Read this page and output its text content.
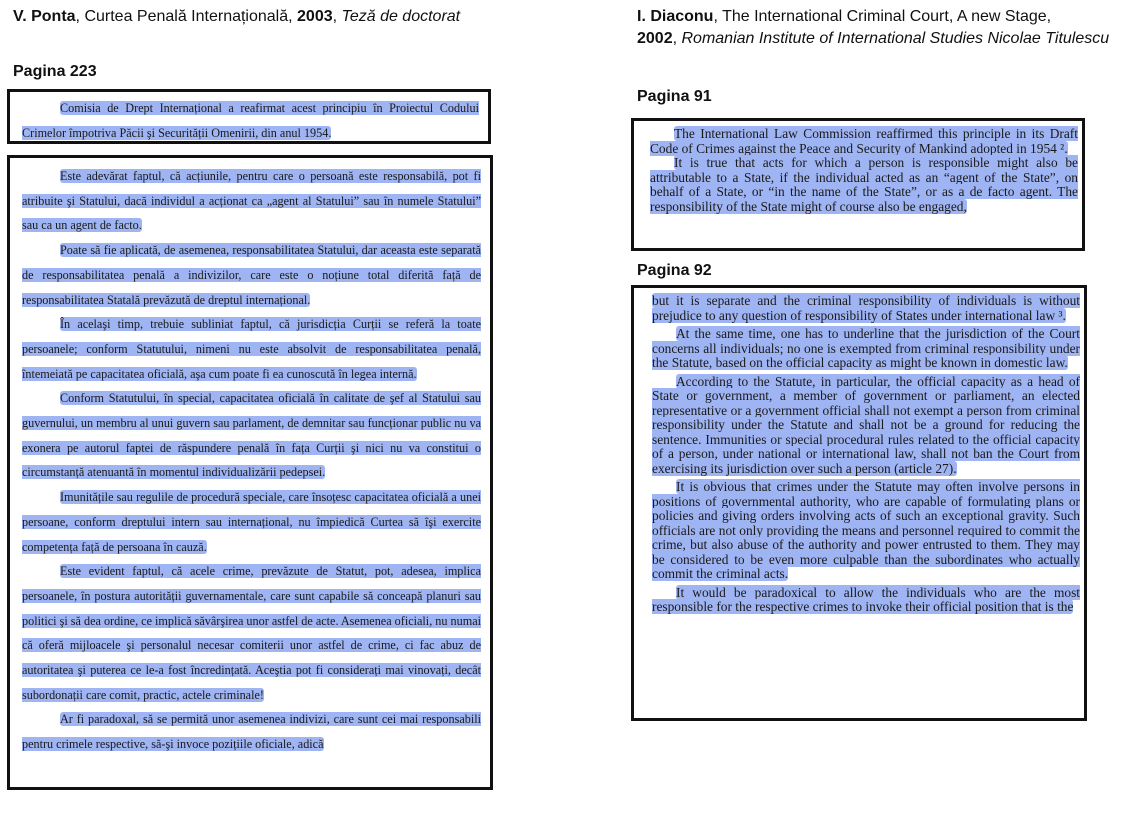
V. Ponta, Curtea Penală Internațională, 2003, Teză de doctorat
Pagina 223

Comisia de Drept Internațional a reafirmat acest principiu în Proiectul Codului Crimelor împotriva Păcii şi Securității Omenirii, din anul 1954.

Este adevărat faptul, că acțiunile, pentru care o persoană este responsabilă, pot fi atribuite şi Statului, dacă individul a acționat ca „agent al Statului” sau în numele Statului” sau ca un agent de facto.

Poate să fie aplicată, de asemenea, responsabilitatea Statului, dar aceasta este separată de responsabilitatea penală a indivizilor, care este o noțiune total diferită față de responsabilitatea Statală prevăzută de dreptul internațional.

În acelaşi timp, trebuie subliniat faptul, că jurisdicția Curții se referă la toate persoanele; conform Statutului, nimeni nu este absolvit de responsabilitatea penală, întemeiată pe capacitatea oficială, aşa cum poate fi ea cunoscută în legea internă.

Conform Statutului, în special, capacitatea oficială în calitate de şef al Statului sau guvernului, un membru al unui guvern sau parlament, de demnitar sau funcționar public nu va exonera pe autorul faptei de răspundere penală în fața Curții şi nici nu va constitui o circumstanță atenuantă în momentul individualizării pedepsei.

Imunitățile sau regulile de procedură speciale, care însoțesc capacitatea oficială a unei persoane, conform dreptului intern sau internațional, nu împiedică Curtea să îşi exercite competența față de persoana în cauză.

Este evident faptul, că acele crime, prevăzute de Statut, pot, adesea, implica persoanele, în postura autorității guvernamentale, care sunt capabile să conceapă planuri sau politici şi să dea ordine, ce implică săvârşirea unor astfel de acte. Asemenea oficiali, nu numai că oferă mijloacele şi personalul necesar comiterii unor astfel de crime, ci fac abuz de autoritatea şi puterea ce le-a fost încredințată. Aceştia pot fi considerați mai vinovați, decât subordonații care comit, practic, actele criminale!

Ar fi paradoxal, să se permită unor asemenea indivizi, care sunt cei mai responsabili pentru crimele respective, să-şi invoce pozițiile oficiale, adică

I. Diaconu, The International Criminal Court, A new Stage,
2002, Romanian Institute of International Studies Nicolae Titulescu
Pagina 91

The International Law Commission reaffirmed this principle in its Draft Code of Crimes against the Peace and Security of Mankind adopted in 1954 ².

It is true that acts for which a person is responsible might also be attributable to a State, if the individual acted as an “agent of the State”, on behalf of a State, or “in the name of the State”, or as a de facto agent. The responsibility of the State might of course also be engaged,

Pagina 92

but it is separate and the criminal responsibility of individuals is without prejudice to any question of responsibility of States under international law ³.

At the same time, one has to underline that the jurisdiction of the Court concerns all individuals; no one is exempted from criminal responsibility under the Statute, based on the official capacity as might be known in domestic law.

According to the Statute, in particular, the official capacity as a head of State or government, a member of government or parliament, an elected representative or a government official shall not exempt a person from criminal responsibility under the Statute and shall not be a ground for reducing the sentence. Immunities or special procedural rules related to the official capacity of a person, under national or international law, shall not ban the Court from exercising its jurisdiction over such a person (article 27).

It is obvious that crimes under the Statute may often involve persons in positions of governmental authority, who are capable of formulating plans or policies and giving orders involving acts of such an exceptional gravity. Such officials are not only providing the means and personnel required to commit the crime, but also abuse of the authority and power entrusted to them. They may be considered to be even more culpable than the subordinates who actually commit the criminal acts.

It would be paradoxical to allow the individuals who are the most responsible for the respective crimes to invoke their official position that is the
